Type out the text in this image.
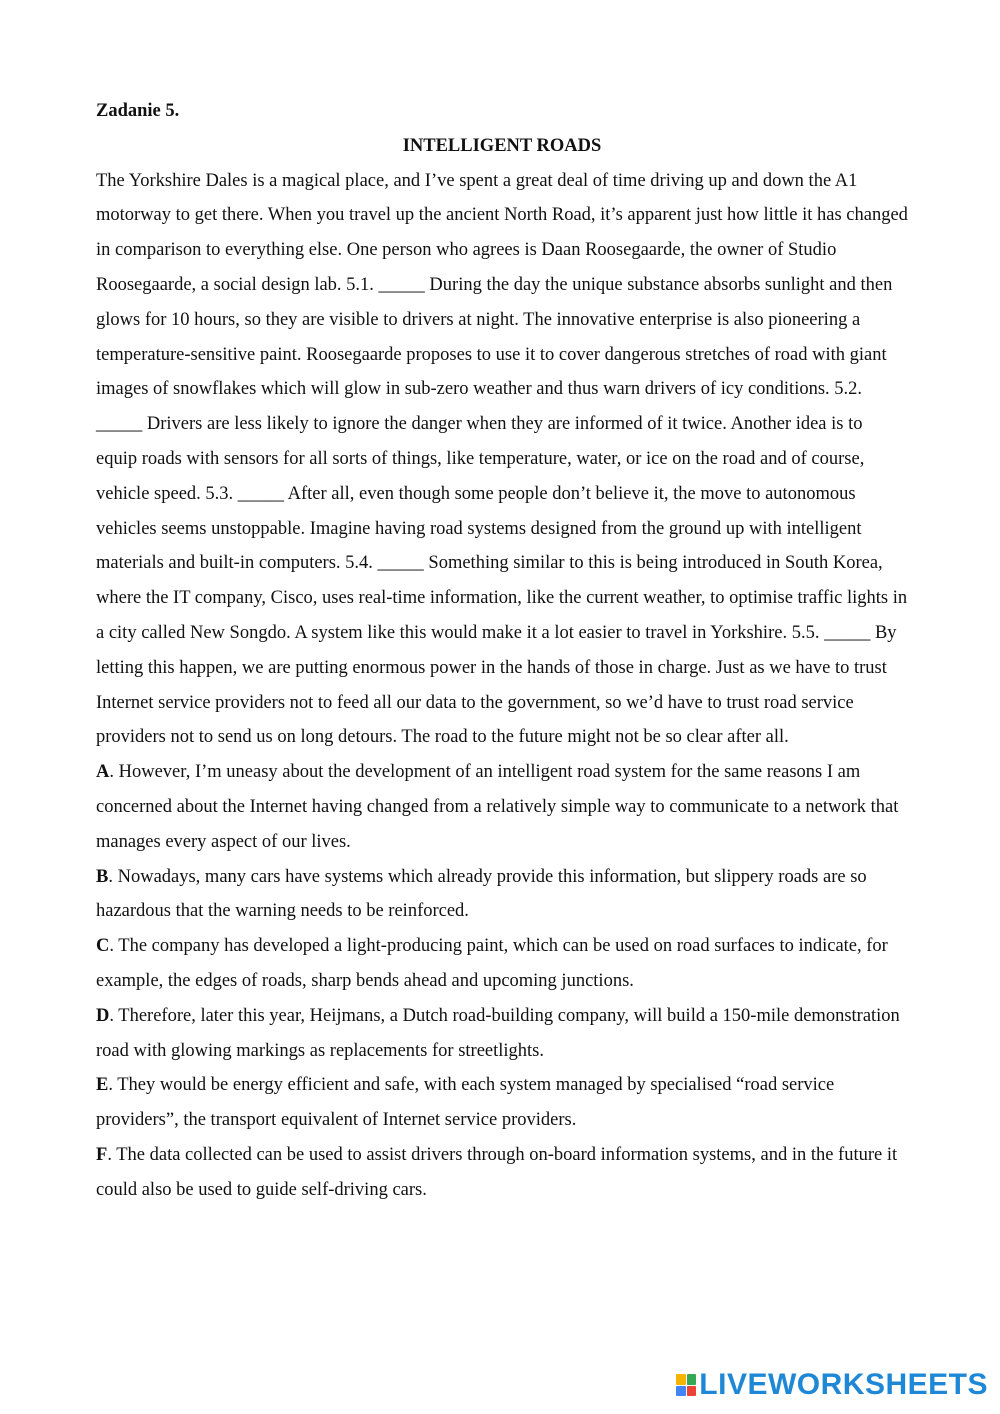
Zadanie 5.

INTELLIGENT ROADS

The Yorkshire Dales is a magical place, and I’ve spent a great deal of time driving up and down the A1 motorway to get there. When you travel up the ancient North Road, it’s apparent just how little it has changed in comparison to everything else. One person who agrees is Daan Roosegaarde, the owner of Studio Roosegaarde, a social design lab. 5.1. _____ During the day the unique substance absorbs sunlight and then glows for 10 hours, so they are visible to drivers at night. The innovative enterprise is also pioneering a temperature-sensitive paint. Roosegaarde proposes to use it to cover dangerous stretches of road with giant images of snowflakes which will glow in sub-zero weather and thus warn drivers of icy conditions. 5.2. _____ Drivers are less likely to ignore the danger when they are informed of it twice. Another idea is to equip roads with sensors for all sorts of things, like temperature, water, or ice on the road and of course, vehicle speed. 5.3. _____ After all, even though some people don’t believe it, the move to autonomous vehicles seems unstoppable. Imagine having road systems designed from the ground up with intelligent materials and built-in computers. 5.4. _____ Something similar to this is being introduced in South Korea, where the IT company, Cisco, uses real-time information, like the current weather, to optimise traffic lights in a city called New Songdo. A system like this would make it a lot easier to travel in Yorkshire. 5.5. _____ By letting this happen, we are putting enormous power in the hands of those in charge. Just as we have to trust Internet service providers not to feed all our data to the government, so we’d have to trust road service providers not to send us on long detours. The road to the future might not be so clear after all.

A. However, I’m uneasy about the development of an intelligent road system for the same reasons I am concerned about the Internet having changed from a relatively simple way to communicate to a network that manages every aspect of our lives.

B. Nowadays, many cars have systems which already provide this information, but slippery roads are so hazardous that the warning needs to be reinforced.

C. The company has developed a light-producing paint, which can be used on road surfaces to indicate, for example, the edges of roads, sharp bends ahead and upcoming junctions.

D. Therefore, later this year, Heijmans, a Dutch road-building company, will build a 150-mile demonstration road with glowing markings as replacements for streetlights.

E. They would be energy efficient and safe, with each system managed by specialised “road service providers”, the transport equivalent of Internet service providers.

F. The data collected can be used to assist drivers through on-board information systems, and in the future it could also be used to guide self-driving cars.

LIVEWORKSHEETS
